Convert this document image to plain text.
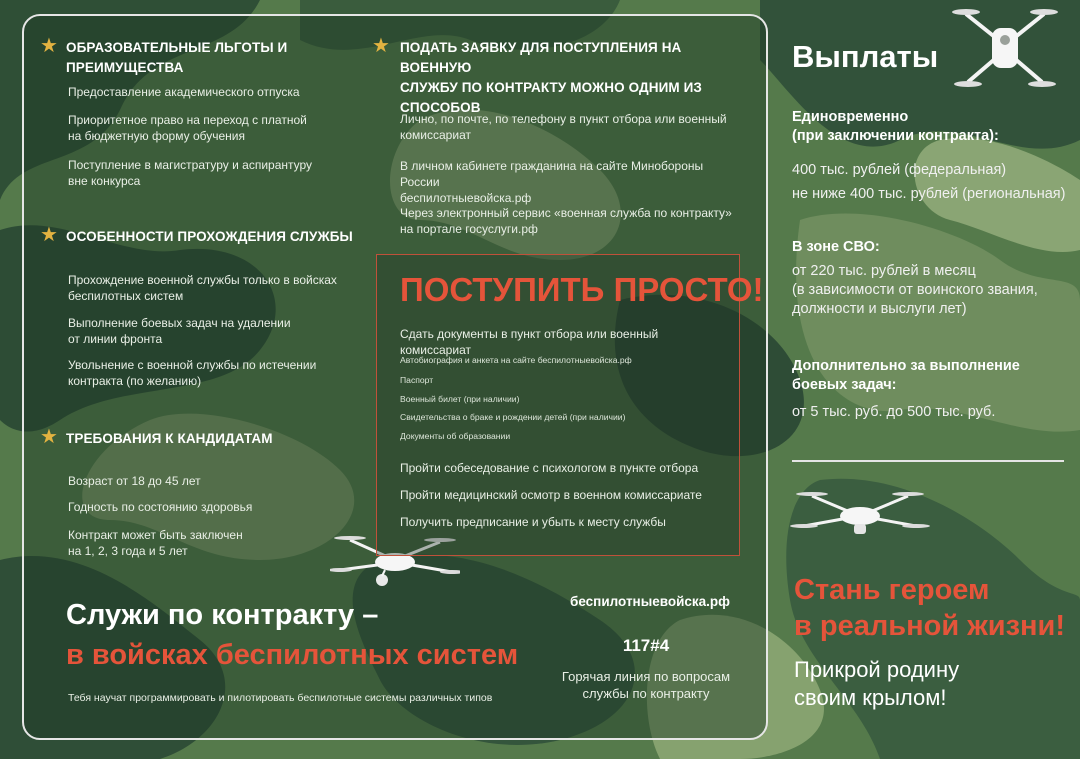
★ ОБРАЗОВАТЕЛЬНЫЕ ЛЬГОТЫ И ПРЕИМУЩЕСТВА
Предоставление академического отпуска
Приоритетное право на переход с платной
на бюджетную форму обучения
Поступление в магистратуру и аспирантуру
вне конкурса
★ ОСОБЕННОСТИ ПРОХОЖДЕНИЯ СЛУЖБЫ
Прохождение военной службы только в войсках
беспилотных систем
Выполнение боевых задач на удалении
от линии фронта
Увольнение с военной службы по истечении
контракта (по желанию)
★ ТРЕБОВАНИЯ К КАНДИДАТАМ
Возраст от 18 до 45 лет
Годность по состоянию здоровья
Контракт может быть заключен
на 1, 2, 3 года и 5 лет
Служи по контракту –
в войсках беспилотных систем
Тебя научат программировать и пилотировать беспилотные системы различных типов
★ ПОДАТЬ ЗАЯВКУ ДЛЯ ПОСТУПЛЕНИЯ НА ВОЕННУЮ
СЛУЖБУ ПО КОНТРАКТУ МОЖНО ОДНИМ ИЗ СПОСОБОВ
Лично, по почте, по телефону в пункт отбора или военный
комиссариат
В личном кабинете гражданина на сайте Минобороны России
беспилотныевойска.рф
Через электронный сервис «военная служба по контракту»
на портале госуслуги.рф
ПОСТУПИТЬ ПРОСТО!
Сдать документы в пункт отбора или военный комиссариат
Автобиография и анкета на сайте беспилотныевойска.рф
Паспорт
Военный билет (при наличии)
Свидетельства о браке и рождении детей (при наличии)
Документы об образовании
Пройти собеседование с психологом в пункте отбора
Пройти медицинский осмотр в военном комиссариате
Получить предписание и убыть к месту службы
беспилотныевойска.рф
117#4
Горячая линия по вопросам
службы по контракту
Выплаты
Единовременно
(при заключении контракта):
400 тыс. рублей (федеральная)
не ниже 400 тыс. рублей (региональная)
В зоне СВО:
от 220 тыс. рублей в месяц
(в зависимости от воинского звания,
должности и выслуги лет)
Дополнительно за выполнение
боевых задач:
от 5 тыс. руб. до 500 тыс. руб.
Стань героем
в реальной жизни!
Прикрой родину
своим крылом!
